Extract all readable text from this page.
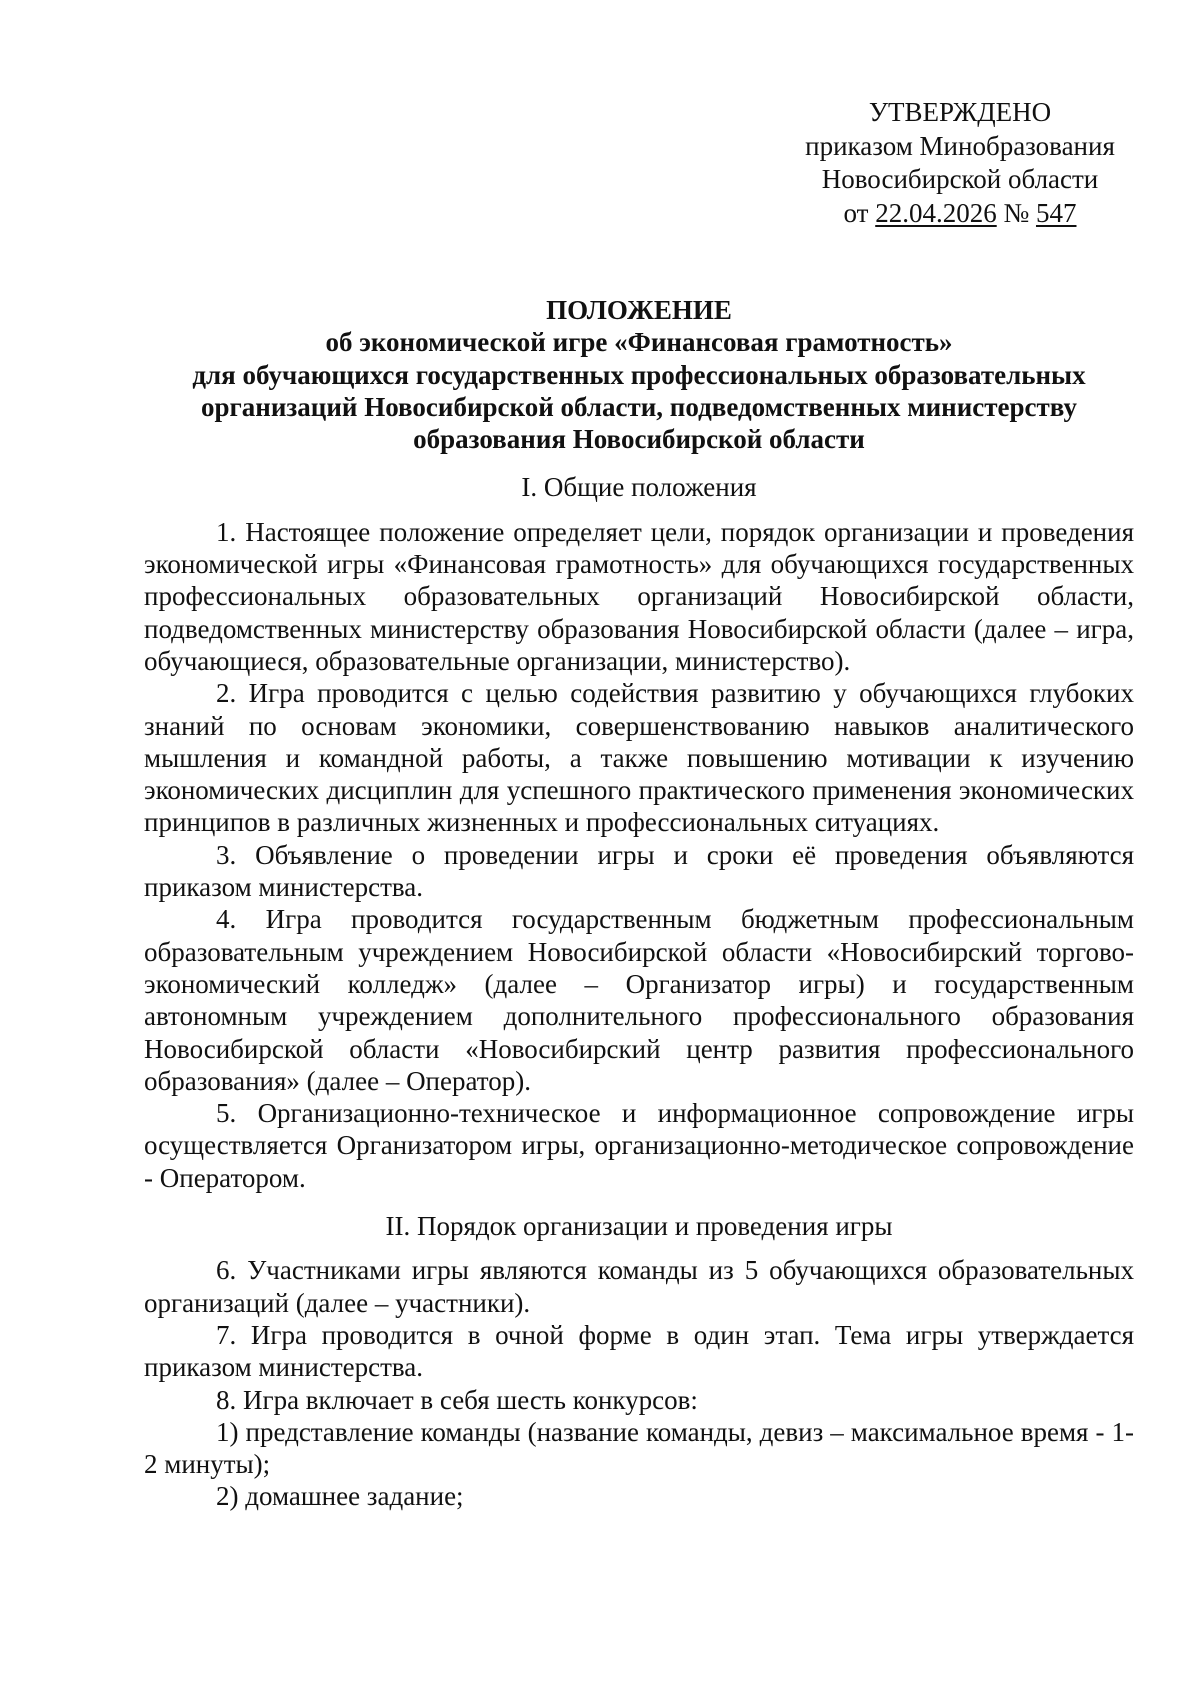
УТВЕРЖДЕНО
приказом Минобразования
Новосибирской области
от 22.04.2026 № 547
ПОЛОЖЕНИЕ
об экономической игре «Финансовая грамотность»
для обучающихся государственных профессиональных образовательных
организаций Новосибирской области, подведомственных министерству
образования Новосибирской области
I. Общие положения

1. Настоящее положение определяет цели, порядок организации и проведения экономической игры «Финансовая грамотность» для обучающихся государственных профессиональных образовательных организаций Новосибирской области, подведомственных министерству образования Новосибирской области (далее – игра, обучающиеся, образовательные организации, министерство).

2. Игра проводится с целью содействия развитию у обучающихся глубоких знаний по основам экономики, совершенствованию навыков аналитического мышления и командной работы, а также повышению мотивации к изучению экономических дисциплин для успешного практического применения экономических принципов в различных жизненных и профессиональных ситуациях.

3. Объявление о проведении игры и сроки её проведения объявляются приказом министерства.

4. Игра проводится государственным бюджетным профессиональным образовательным учреждением Новосибирской области «Новосибирский торгово-экономический колледж» (далее – Организатор игры) и государственным автономным учреждением дополнительного профессионального образования Новосибирской области «Новосибирский центр развития профессионального образования» (далее – Оператор).

5. Организационно-техническое и информационное сопровождение игры осуществляется Организатором игры, организационно-методическое сопровождение - Оператором.

II. Порядок организации и проведения игры

6. Участниками игры являются команды из 5 обучающихся образовательных организаций (далее – участники).

7. Игра проводится в очной форме в один этап. Тема игры утверждается приказом министерства.

8. Игра включает в себя шесть конкурсов:

1) представление команды (название команды, девиз – максимальное время - 1-2 минуты);

2) домашнее задание;
